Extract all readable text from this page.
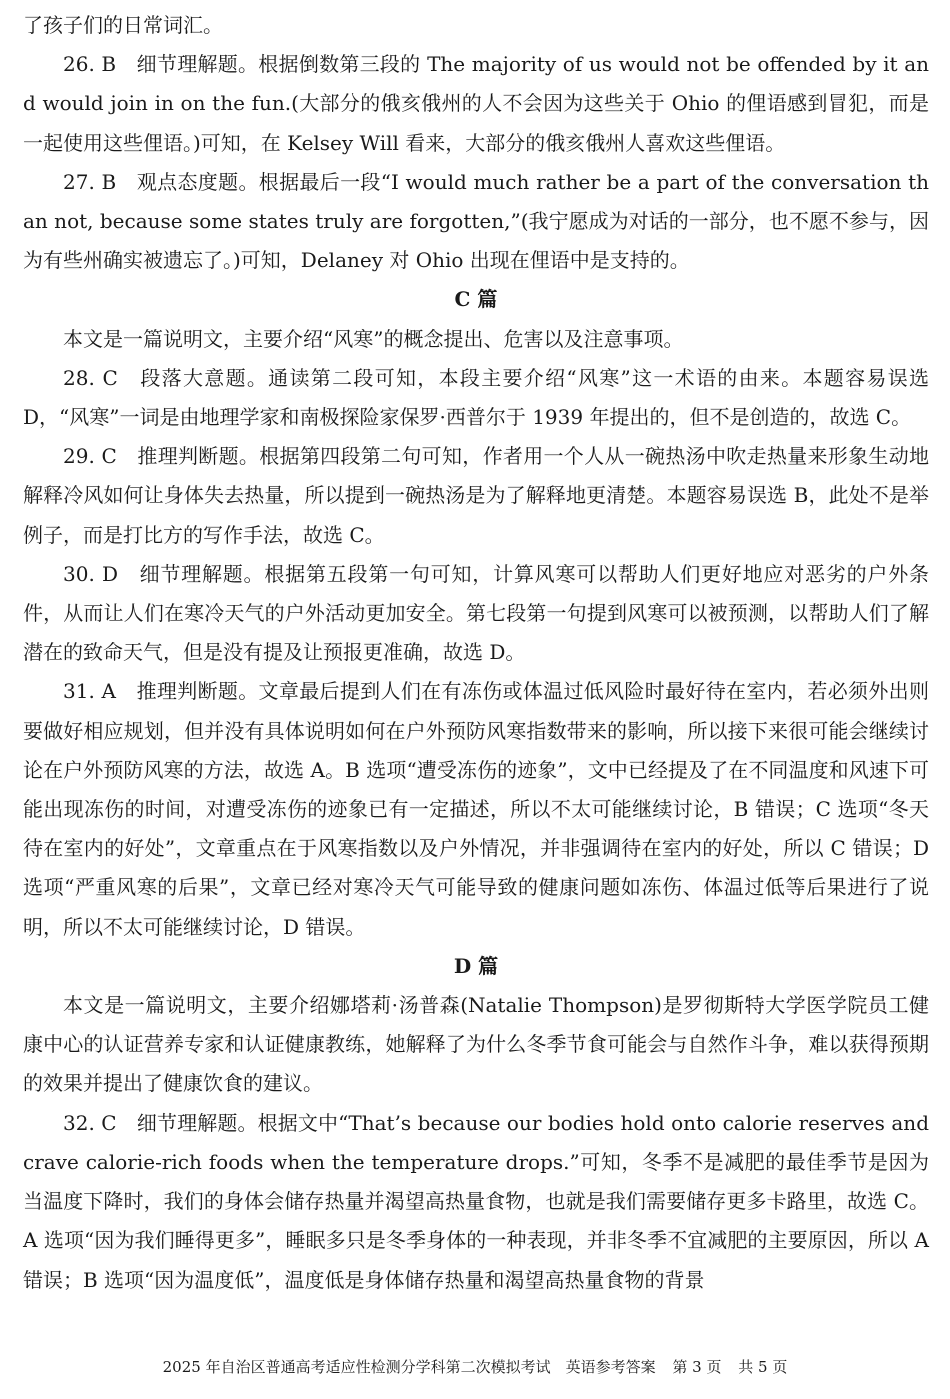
了孩子们的日常词汇。

26. B　细节理解题。根据倒数第三段的 The majority of us would not be offended by it and would join in on the fun.(大部分的俄亥俄州的人不会因为这些关于 Ohio 的俚语感到冒犯，而是一起使用这些俚语。)可知，在 Kelsey Will 看来，大部分的俄亥俄州人喜欢这些俚语。

27. B　观点态度题。根据最后一段“I would much rather be a part of the conversation than not, because some states truly are forgotten,”(我宁愿成为对话的一部分，也不愿不参与，因为有些州确实被遗忘了。)可知，Delaney 对 Ohio 出现在俚语中是支持的。

C 篇

本文是一篇说明文，主要介绍“风寒”的概念提出、危害以及注意事项。

28. C　段落大意题。通读第二段可知，本段主要介绍“风寒”这一术语的由来。本题容易误选 D，“风寒”一词是由地理学家和南极探险家保罗·西普尔于 1939 年提出的，但不是创造的，故选 C。

29. C　推理判断题。根据第四段第二句可知，作者用一个人从一碗热汤中吹走热量来形象生动地解释冷风如何让身体失去热量，所以提到一碗热汤是为了解释地更清楚。本题容易误选 B，此处不是举例子，而是打比方的写作手法，故选 C。

30. D　细节理解题。根据第五段第一句可知，计算风寒可以帮助人们更好地应对恶劣的户外条件，从而让人们在寒冷天气的户外活动更加安全。第七段第一句提到风寒可以被预测，以帮助人们了解潜在的致命天气，但是没有提及让预报更准确，故选 D。

31. A　推理判断题。文章最后提到人们在有冻伤或体温过低风险时最好待在室内，若必须外出则要做好相应规划，但并没有具体说明如何在户外预防风寒指数带来的影响，所以接下来很可能会继续讨论在户外预防风寒的方法，故选 A。B 选项“遭受冻伤的迹象”，文中已经提及了在不同温度和风速下可能出现冻伤的时间，对遭受冻伤的迹象已有一定描述，所以不太可能继续讨论，B 错误；C 选项“冬天待在室内的好处”，文章重点在于风寒指数以及户外情况，并非强调待在室内的好处，所以 C 错误；D 选项“严重风寒的后果”，文章已经对寒冷天气可能导致的健康问题如冻伤、体温过低等后果进行了说明，所以不太可能继续讨论，D 错误。

D 篇

本文是一篇说明文，主要介绍娜塔莉·汤普森(Natalie Thompson)是罗彻斯特大学医学院员工健康中心的认证营养专家和认证健康教练，她解释了为什么冬季节食可能会与自然作斗争，难以获得预期的效果并提出了健康饮食的建议。

32. C　细节理解题。根据文中“That’s because our bodies hold onto calorie reserves and crave calorie-rich foods when the temperature drops.”可知，冬季不是减肥的最佳季节是因为当温度下降时，我们的身体会储存热量并渴望高热量食物，也就是我们需要储存更多卡路里，故选 C。A 选项“因为我们睡得更多”，睡眠多只是冬季身体的一种表现，并非冬季不宜减肥的主要原因，所以 A 错误；B 选项“因为温度低”，温度低是身体储存热量和渴望高热量食物的背景

2025 年自治区普通高考适应性检测分学科第二次模拟考试　英语参考答案 第 3 页 共 5 页
